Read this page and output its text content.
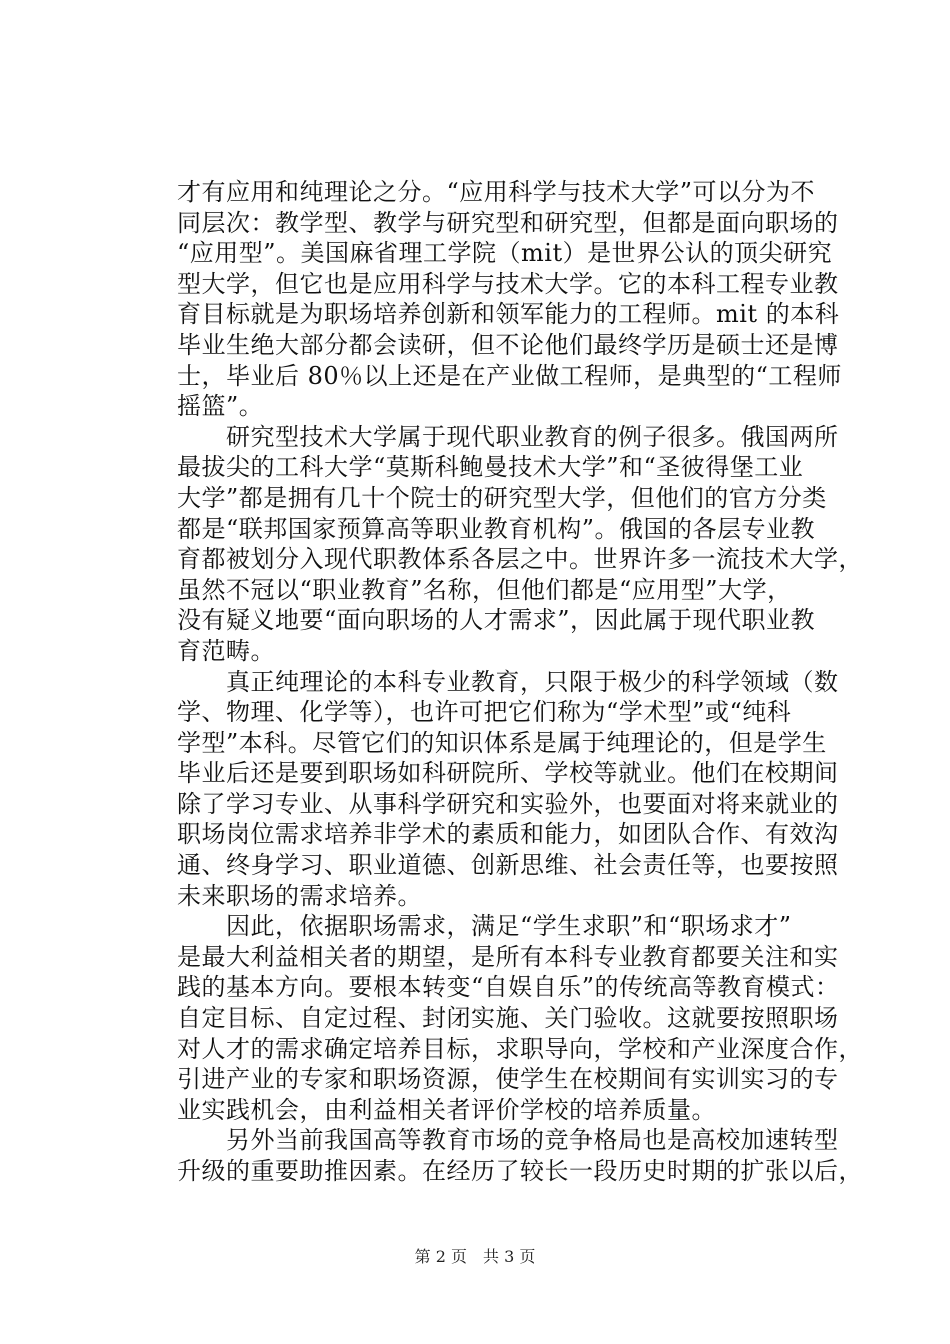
才有应用和纯理论之分。“应用科学与技术大学”可以分为不
同层次：教学型、教学与研究型和研究型，但都是面向职场的
“应用型”。美国麻省理工学院（mit）是世界公认的顶尖研究
型大学，但它也是应用科学与技术大学。它的本科工程专业教
育目标就是为职场培养创新和领军能力的工程师。mit 的本科
毕业生绝大部分都会读研，但不论他们最终学历是硕士还是博
士，毕业后 80％以上还是在产业做工程师，是典型的“工程师
摇篮”。
　　研究型技术大学属于现代职业教育的例子很多。俄国两所
最拔尖的工科大学“莫斯科鲍曼技术大学”和“圣彼得堡工业
大学”都是拥有几十个院士的研究型大学，但他们的官方分类
都是“联邦国家预算高等职业教育机构”。俄国的各层专业教
育都被划分入现代职教体系各层之中。世界许多一流技术大学，
虽然不冠以“职业教育”名称，但他们都是“应用型”大学，
没有疑义地要“面向职场的人才需求”，因此属于现代职业教
育范畴。
　　真正纯理论的本科专业教育，只限于极少的科学领域（数
学、物理、化学等），也许可把它们称为“学术型”或“纯科
学型”本科。尽管它们的知识体系是属于纯理论的，但是学生
毕业后还是要到职场如科研院所、学校等就业。他们在校期间
除了学习专业、从事科学研究和实验外，也要面对将来就业的
职场岗位需求培养非学术的素质和能力，如团队合作、有效沟
通、终身学习、职业道德、创新思维、社会责任等，也要按照
未来职场的需求培养。
　　因此，依据职场需求，满足“学生求职”和“职场求才”
是最大利益相关者的期望，是所有本科专业教育都要关注和实
践的基本方向。要根本转变“自娱自乐”的传统高等教育模式：
自定目标、自定过程、封闭实施、关门验收。这就要按照职场
对人才的需求确定培养目标，求职导向，学校和产业深度合作，
引进产业的专家和职场资源，使学生在校期间有实训实习的专
业实践机会，由利益相关者评价学校的培养质量。
　　另外当前我国高等教育市场的竞争格局也是高校加速转型
升级的重要助推因素。在经历了较长一段历史时期的扩张以后，
第 2 页　共 3 页
